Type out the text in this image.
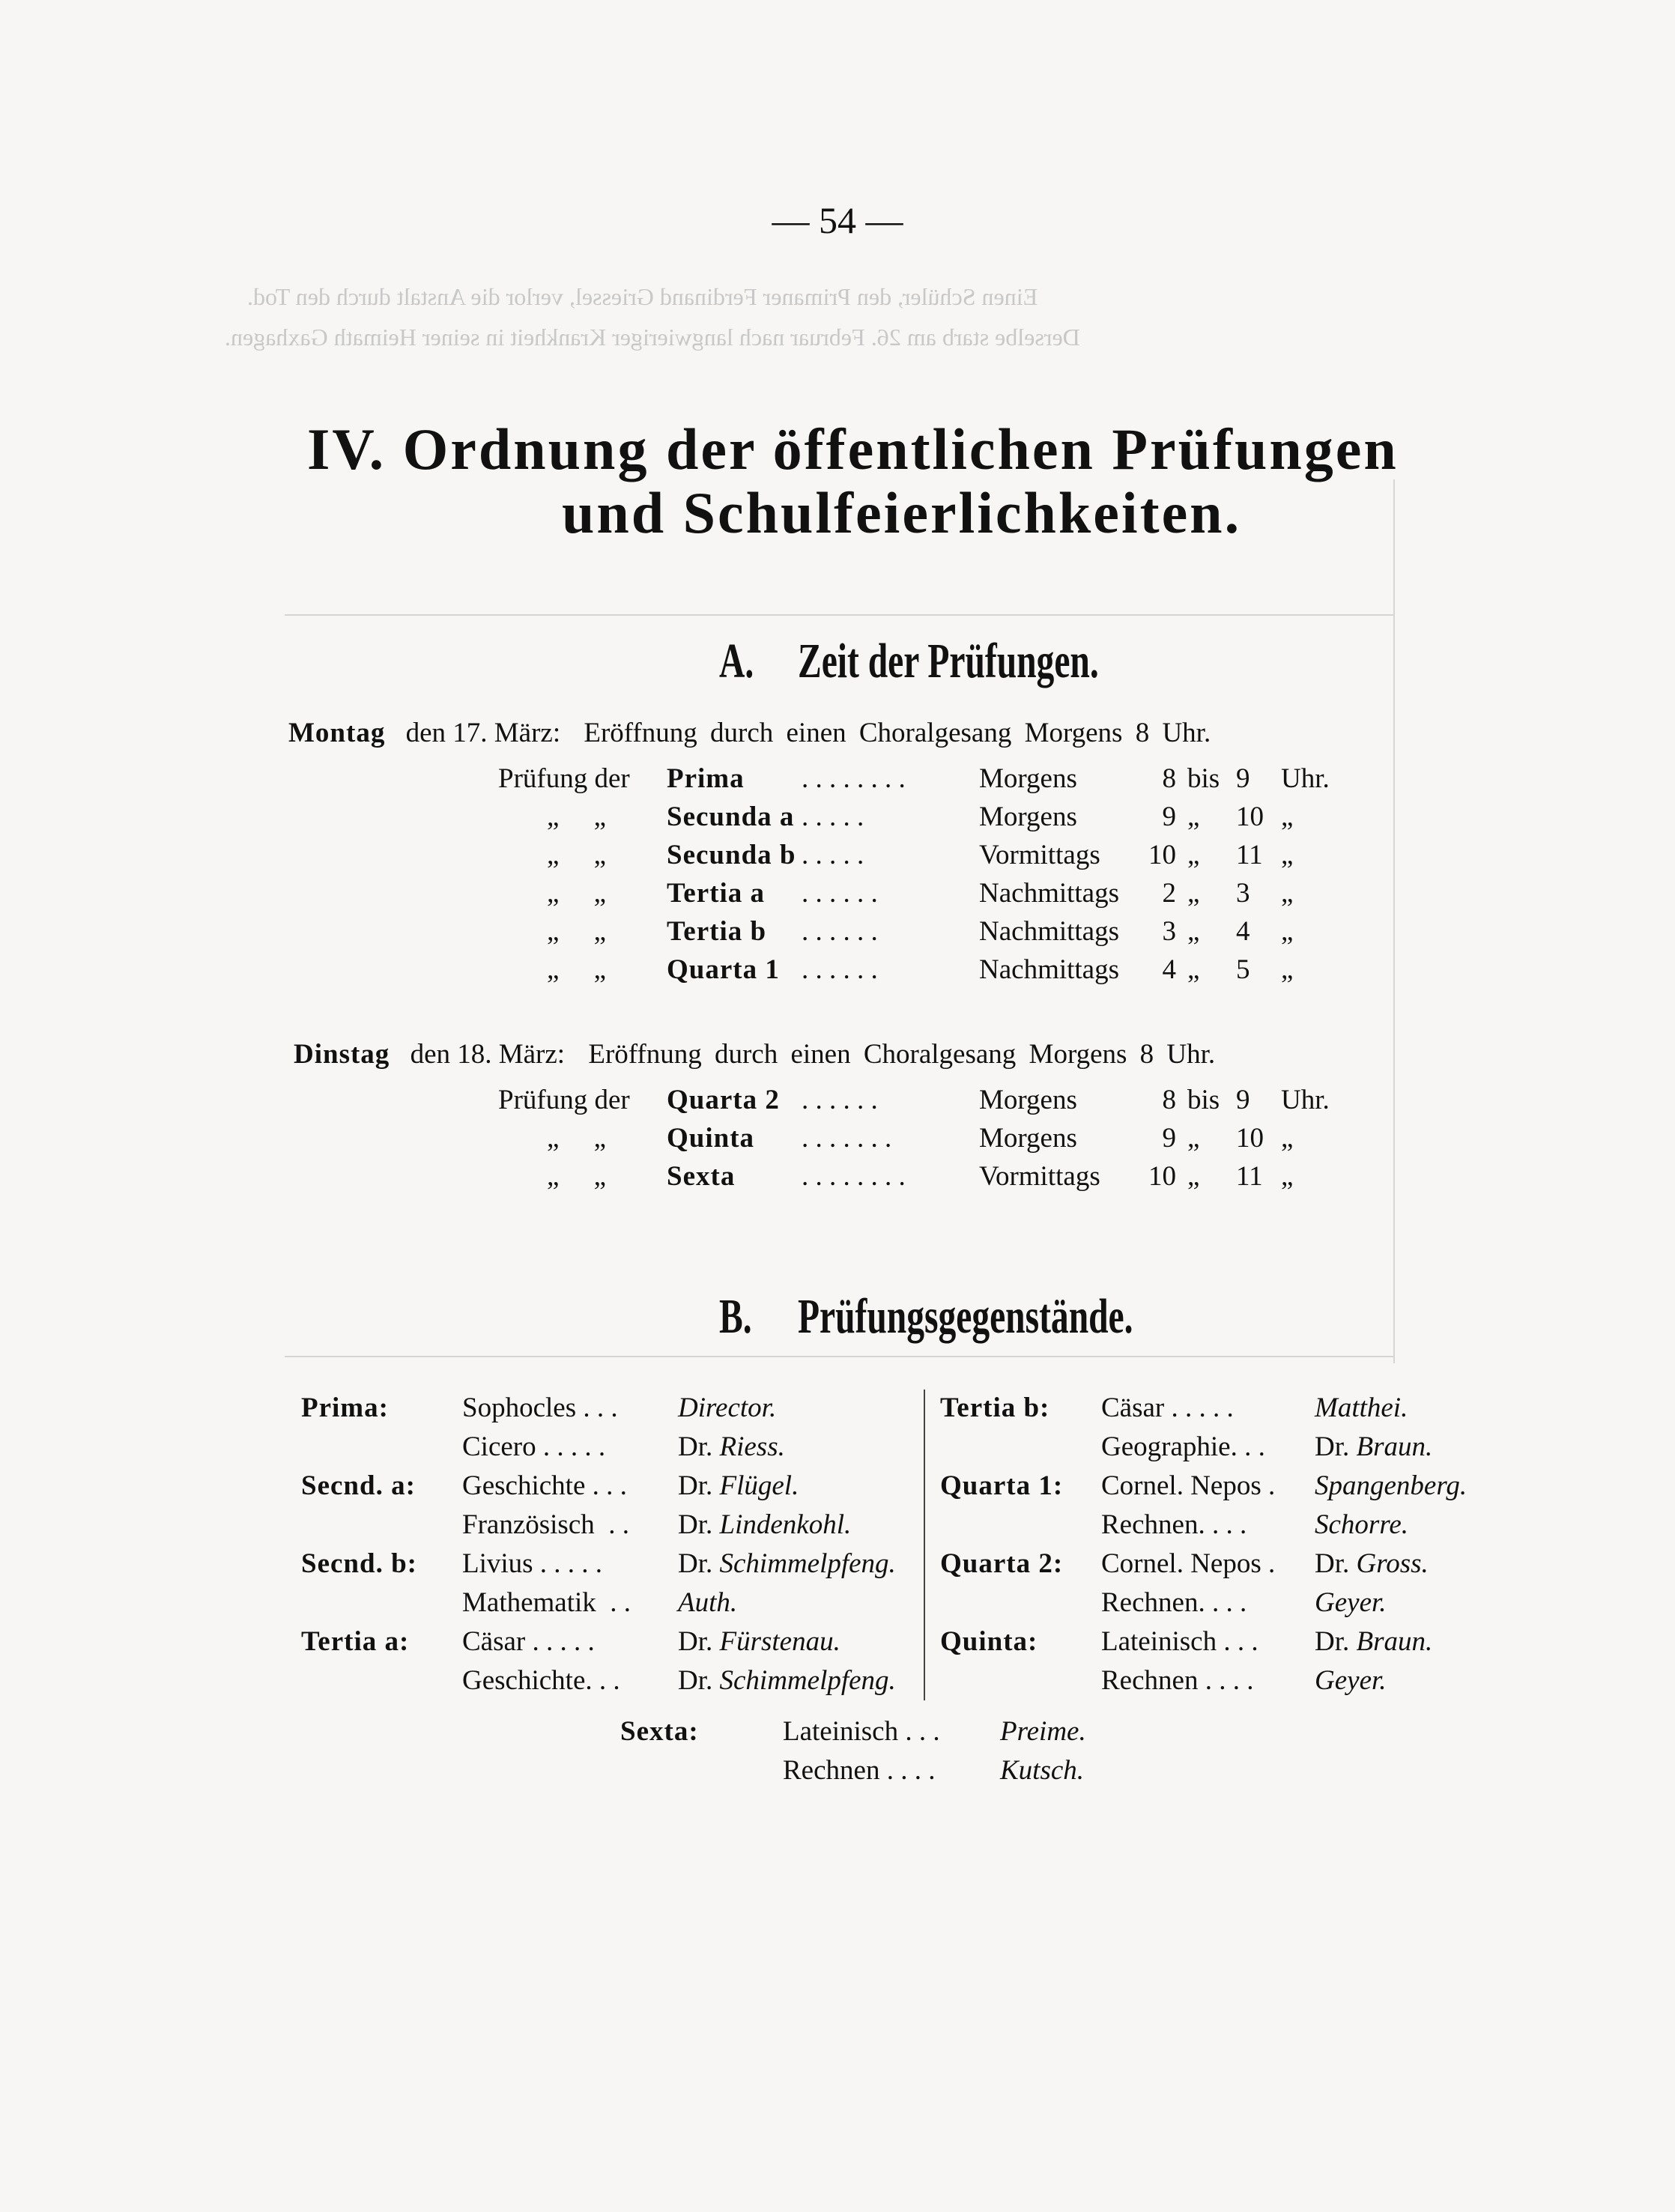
— 54 —
Einen Schüler, den Primaner Ferdinand Griessel, verlor die Anstalt durch den Tod.
Derselbe starb am 26. Februar nach langwieriger Krankheit in seiner Heimath Gaxhagen.
IV. Ordnung der öffentlichen Prüfungen
und Schulfeierlichkeiten.
A. Zeit der Prüfungen.
Montag den 17. März: Eröffnung durch einen Choralgesang Morgens 8 Uhr.
Prüfung der Prima . . . . . . . .	Morgens	8 bis 9 Uhr.
„     „ Secunda a . . . . .	Morgens	9 „ 10 „
„     „ Secunda b . . . . .	Vormittags	10 „ 11 „
„     „ Tertia a . . . . . .	Nachmittags	2 „ 3 „
„     „ Tertia b . . . . . .	Nachmittags	3 „ 4 „
„     „ Quarta 1 . . . . . .	Nachmittags	4 „ 5 „
Dinstag den 18. März: Eröffnung durch einen Choralgesang Morgens 8 Uhr.
Prüfung der Quarta 2 . . . . . .	Morgens	8 bis 9 Uhr.
„     „ Quinta . . . . . . .	Morgens	9 „ 10 „
„     „ Sexta . . . . . . . .	Vormittags	10 „ 11 „
B. Prüfungsgegenstände.
Prima:	Sophocles . . . Director.
Cicero . . . . .	Dr. Riess.
Secnd. a: Geschichte . . . Dr. Flügel.
Französisch  . . Dr. Lindenkohl.
Secnd. b: Livius . . . . .	Dr. Schimmelpfeng.
Mathematik  . . Auth.
Tertia a: Cäsar . . . . .	Dr. Fürstenau.
Geschichte. . . Dr. Schimmelpfeng.
Tertia b: Cäsar . . . . .	Matthei.
Geographie. . . Dr. Braun.
Quarta 1: Cornel. Nepos . Spangenberg.
Rechnen. . . . Schorre.
Quarta 2: Cornel. Nepos . Dr. Gross.
Rechnen. . . . Geyer.
Quinta: Lateinisch . . . Dr. Braun.
Rechnen . . . . Geyer.
Sexta:	Lateinisch . . . Preime.
Rechnen . . . . Kutsch.
